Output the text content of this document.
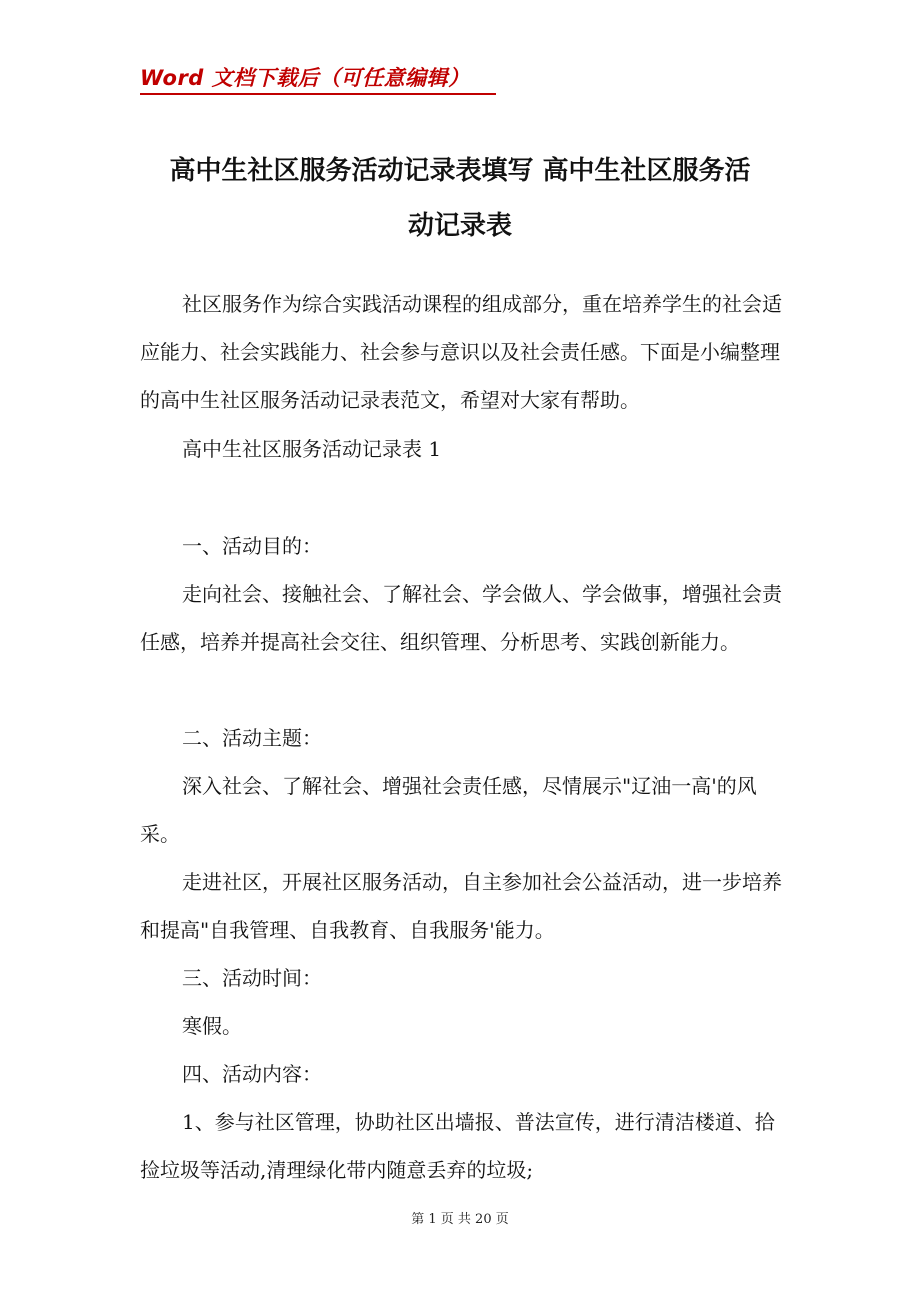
Word 文档下载后（可任意编辑）
高中生社区服务活动记录表填写 高中生社区服务活
动记录表

社区服务作为综合实践活动课程的组成部分，重在培养学生的社会适应能力、社会实践能力、社会参与意识以及社会责任感。下面是小编整理的高中生社区服务活动记录表范文，希望对大家有帮助。

高中生社区服务活动记录表 1
一、活动目的：

走向社会、接触社会、了解社会、学会做人、学会做事，增强社会责任感，培养并提高社会交往、组织管理、分析思考、实践创新能力。

二、活动主题：

深入社会、了解社会、增强社会责任感，尽情展示"辽油一高'的风采。

走进社区，开展社区服务活动，自主参加社会公益活动，进一步培养和提高"自我管理、自我教育、自我服务'能力。

三、活动时间：
寒假。
四、活动内容：

1、参与社区管理，协助社区出墙报、普法宣传，进行清洁楼道、拾捡垃圾等活动,清理绿化带内随意丢弃的垃圾;

第 1 页 共 20 页
